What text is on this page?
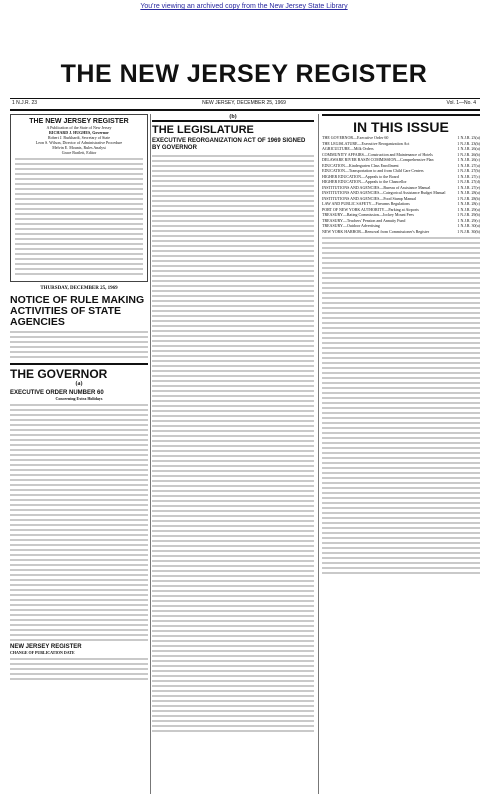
You're viewing an archived copy from the New Jersey State Library
THE NEW JERSEY REGISTER
1 N.J.R. 23	NEW JERSEY, DECEMBER 25, 1969	Vol. 1—No. 4
THE NEW JERSEY REGISTER
A Publication of the State of New Jersey
RICHARD J. HUGHES, Governor
Robert J. Burkhardt, Secretary of State
Leon S. Wilson, Director of Administrative Procedure
Melvin E. Mounts, Rules Analyst
Grace Bartlett, Editor
THURSDAY, DECEMBER 25, 1969
NOTICE OF RULE MAKING ACTIVITIES OF STATE AGENCIES
THE GOVERNOR
(a)
EXECUTIVE ORDER NUMBER 60
Concerning Extra Holidays
NEW JERSEY REGISTER
CHANGE OF PUBLICATION DATE
(b)
THE LEGISLATURE
EXECUTIVE REORGANIZATION ACT OF 1969 SIGNED BY GOVERNOR
IN THIS ISSUE
THE GOVERNOR—Executive Order 60	1 N.J.R. 23(a)
THE LEGISLATURE—Executive Reorganization Act	1 N.J.R. 23(b)
AGRICULTURE—Milk Orders	1 N.J.R. 26(a)
COMMUNITY AFFAIRS—Construction and Maintenance of Hotels	1 N.J.R. 26(b)
DELAWARE RIVER BASIN COMMISSION—Comprehensive Plan	1 N.J.R. 26(c)
EDUCATION—Kindergarten Class Enrollment	1 N.J.R. 27(a)
EDUCATION—Transportation to and from Child Care Centers	1 N.J.R. 27(b)
HIGHER EDUCATION—Appeals to the Board	1 N.J.R. 27(c)
HIGHER EDUCATION—Appeals to the Chancellor	1 N.J.R. 27(d)
INSTITUTIONS AND AGENCIES—Bureau of Assistance Manual	1 N.J.R. 27(e)
INSTITUTIONS AND AGENCIES—Categorical Assistance Budget Manual	1 N.J.R. 28(a)
INSTITUTIONS AND AGENCIES—Food Stamp Manual	1 N.J.R. 28(b)
LAW AND PUBLIC SAFETY—Firearms Regulations	1 N.J.R. 28(c)
PORT OF NEW YORK AUTHORITY—Parking at Airports	1 N.J.R. 29(a)
TREASURY—Rating Commission—Jockey Mount Fees	1 N.J.R. 29(b)
TREASURY—Teachers' Pension and Annuity Fund	1 N.J.R. 29(c)
TREASURY—Outdoor Advertising	1 N.J.R. 30(a)
NEW YORK HARBOR—Removal from Commissioner's Register	1 N.J.R. 30(b)
